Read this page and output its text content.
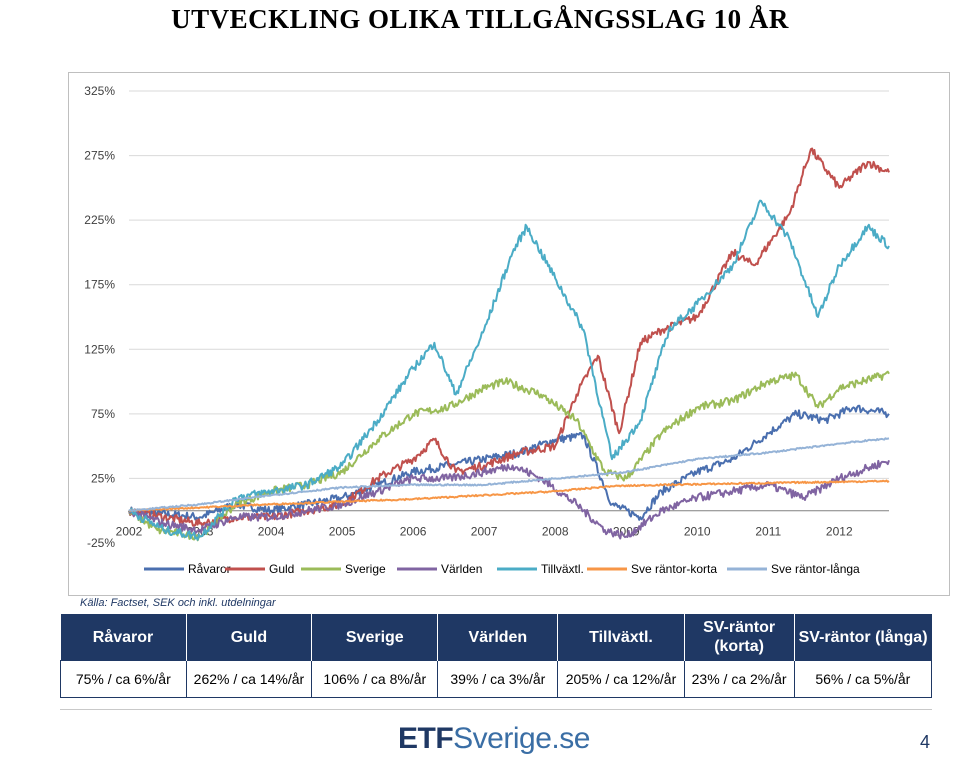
UTVECKLING OLIKA TILLGÅNGSSLAG 10 ÅR
325%
275%
225%
175%
125%
75%
25%
-25%
2002	2003	2004	2005	2006	2007	2008	2009	2010	2011	2012
Råvaror	Guld	Sverige	Världen	Tillväxtl.	Sve räntor-korta	Sve räntor-långa
Källa: Factset, SEK och inkl. utdelningar
Råvaror	Guld	Sverige	Världen	Tillväxtl.	SV-räntor (korta)	SV-räntor (långa)
75% / ca 6%/år	262% / ca 14%/år	106% / ca 8%/år	39% / ca 3%/år	205% / ca 12%/år	23% / ca 2%/år	56% / ca 5%/år
ETFSverige.se	4
